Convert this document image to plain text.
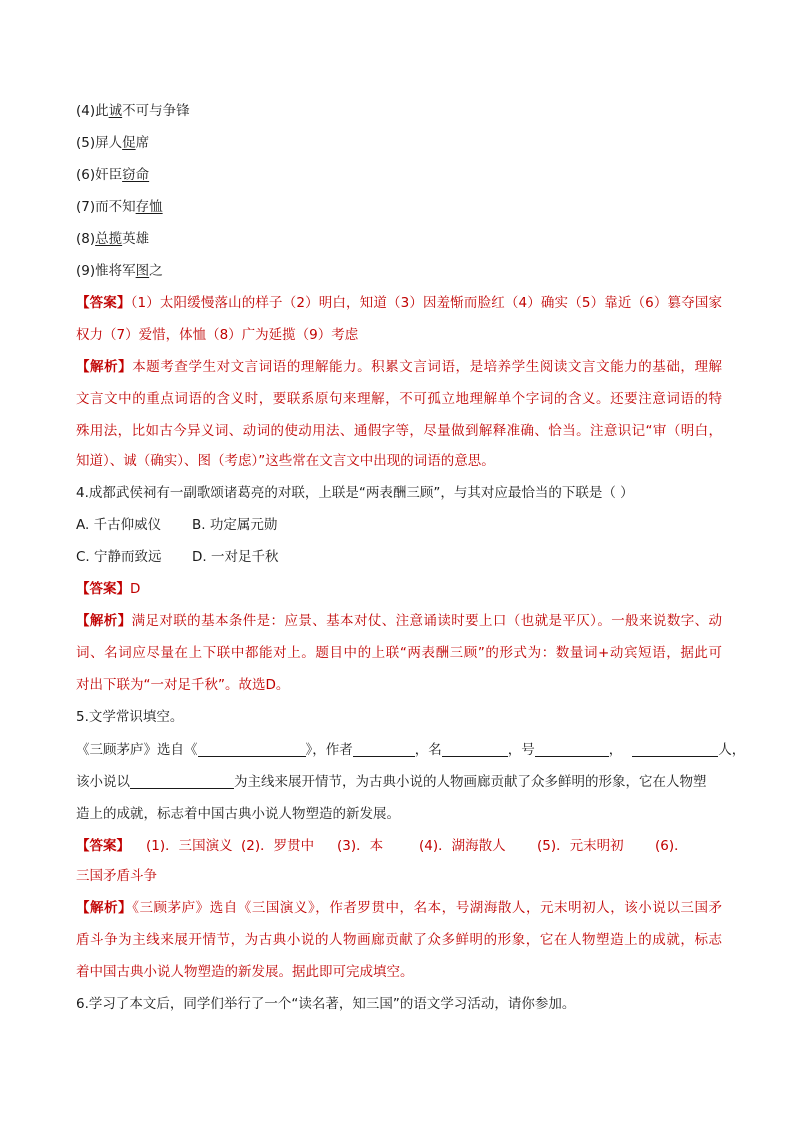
(4)此诚不可与争锋
(5)屏人促席
(6)奸臣窃命
(7)而不知存恤
(8)总揽英雄
(9)惟将军图之
【答案】（1）太阳缓慢落山的样子（2）明白，知道（3）因羞惭而脸红（4）确实（5）靠近（6）篡夺国家
权力（7）爱惜，体恤（8）广为延揽（9）考虑
【解析】本题考查学生对文言词语的理解能力。积累文言词语，是培养学生阅读文言文能力的基础，理解
文言文中的重点词语的含义时，要联系原句来理解，不可孤立地理解单个字词的含义。还要注意词语的特
殊用法，比如古今异义词、动词的使动用法、通假字等，尽量做到解释准确、恰当。注意识记“审（明白，
知道）、诚（确实）、图（考虑）”这些常在文言文中出现的词语的意思。
4.成都武侯祠有一副歌颂诸葛亮的对联，上联是“两表酬三顾”，与其对应最恰当的下联是（ ）
A. 千古仰威仪 B. 功定属元勋
C. 宁静而致远 D. 一对足千秋
【答案】D
【解析】满足对联的基本条件是：应景、基本对仗、注意诵读时要上口（也就是平仄）。一般来说数字、动
词、名词应尽量在上下联中都能对上。题目中的上联“两表酬三顾”的形式为：数量词+动宾短语，据此可
对出下联为“一对足千秋”。故选D。
5.文学常识填空。
《三顾茅庐》选自《	》，作者	，名	，号	，	人，
该小说以	为主线来展开情节，为古典小说的人物画廊贡献了众多鲜明的形象，它在人物塑
造上的成就，标志着中国古典小说人物塑造的新发展。
【答案】 (1)．三国演义 (2)．罗贯中 (3)．本	(4)．湖海散人 (5)．元末明初 (6)．
三国矛盾斗争
【解析】《三顾茅庐》选自《三国演义》，作者罗贯中，名本，号湖海散人，元末明初人，该小说以三国矛
盾斗争为主线来展开情节，为古典小说的人物画廊贡献了众多鲜明的形象，它在人物塑造上的成就，标志
着中国古典小说人物塑造的新发展。据此即可完成填空。
6.学习了本文后，同学们举行了一个“读名著，知三国”的语文学习活动，请你参加。
